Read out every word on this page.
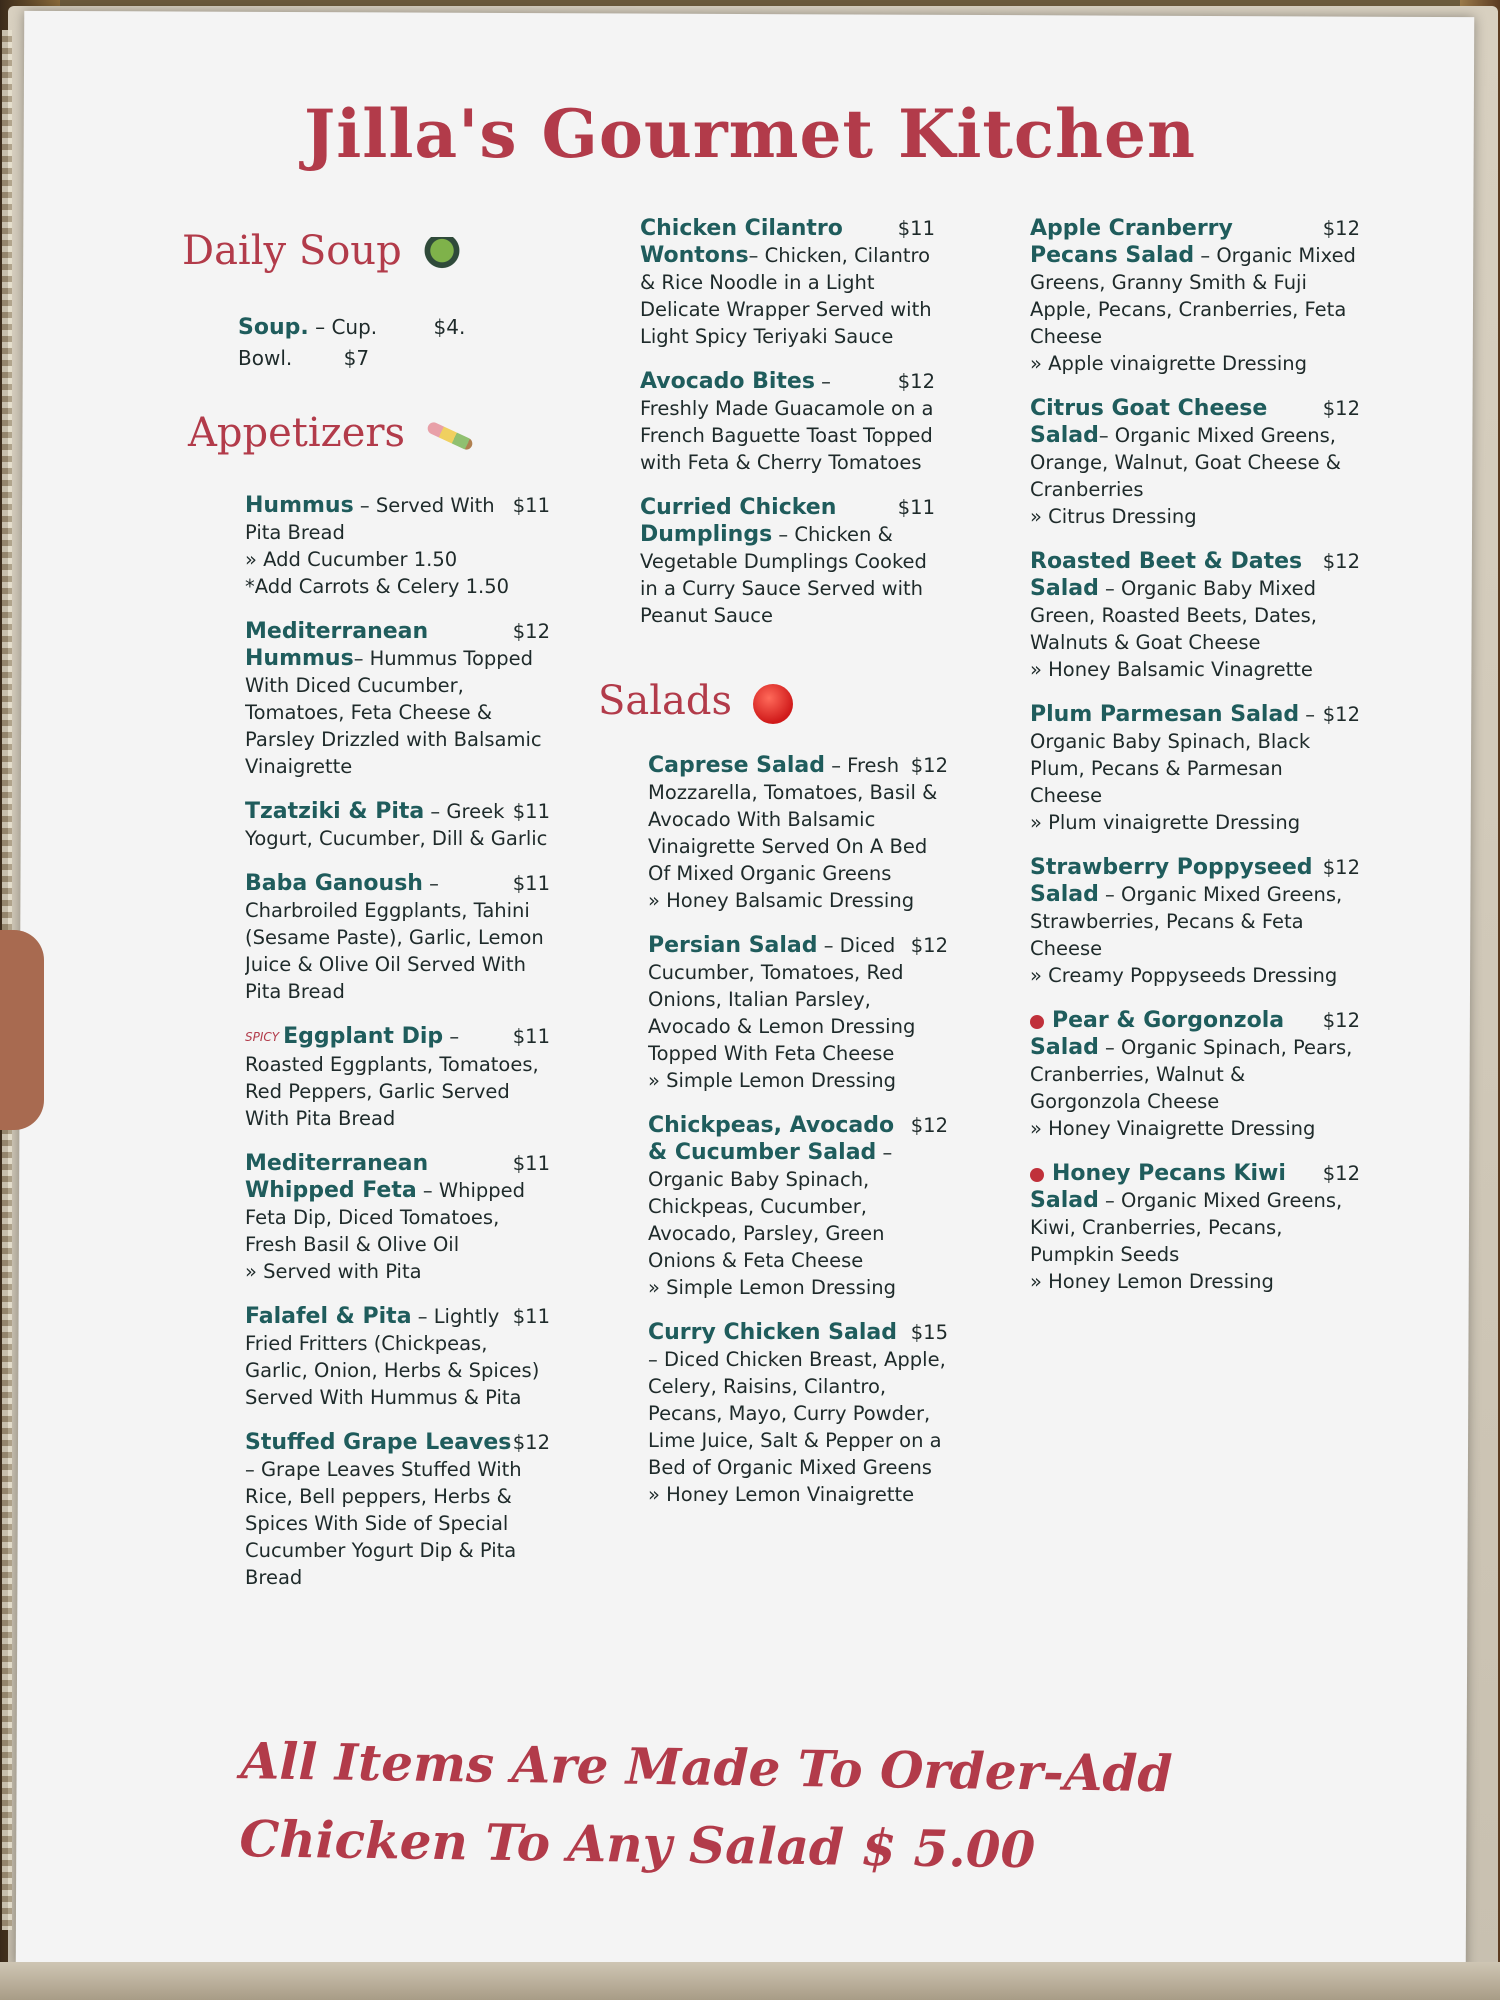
Jilla's Gourmet Kitchen
Daily Soup
Soup. – Cup.	$4.
Bowl.	$7
Appetizers
$11
Hummus – Served With Pita Bread
» Add Cucumber 1.50
*Add Carrots & Celery 1.50
$12
Mediterranean Hummus– Hummus Topped With Diced Cucumber, Tomatoes, Feta Cheese & Parsley Drizzled with Balsamic Vinaigrette
$11
Tzatziki & Pita – Greek Yogurt, Cucumber, Dill & Garlic
$11
Baba Ganoush – Charbroiled Eggplants, Tahini (Sesame Paste), Garlic, Lemon Juice & Olive Oil Served With Pita Bread
$11
SPICY Eggplant Dip – Roasted Eggplants, Tomatoes, Red Peppers, Garlic Served With Pita Bread
$11
Mediterranean Whipped Feta – Whipped Feta Dip, Diced Tomatoes, Fresh Basil & Olive Oil
» Served with Pita
$11
Falafel & Pita – Lightly Fried Fritters (Chickpeas, Garlic, Onion, Herbs & Spices) Served With Hummus & Pita
$12
Stuffed Grape Leaves – Grape Leaves Stuffed With Rice, Bell peppers, Herbs & Spices With Side of Special Cucumber Yogurt Dip & Pita Bread
$11
Chicken Cilantro Wontons– Chicken, Cilantro & Rice Noodle in a Light Delicate Wrapper Served with Light Spicy Teriyaki Sauce
$12
Avocado Bites – Freshly Made Guacamole on a French Baguette Toast Topped with Feta & Cherry Tomatoes
$11
Curried Chicken Dumplings – Chicken & Vegetable Dumplings Cooked in a Curry Sauce Served with Peanut Sauce
Salads
$12
Caprese Salad – Fresh Mozzarella, Tomatoes, Basil & Avocado With Balsamic Vinaigrette Served On A Bed Of Mixed Organic Greens
» Honey Balsamic Dressing
$12
Persian Salad – Diced Cucumber, Tomatoes, Red Onions, Italian Parsley, Avocado & Lemon Dressing Topped With Feta Cheese
» Simple Lemon Dressing
$12
Chickpeas, Avocado & Cucumber Salad – Organic Baby Spinach, Chickpeas, Cucumber, Avocado, Parsley, Green Onions & Feta Cheese
» Simple Lemon Dressing
$15
Curry Chicken Salad – Diced Chicken Breast, Apple, Celery, Raisins, Cilantro, Pecans, Mayo, Curry Powder, Lime Juice, Salt & Pepper on a Bed of Organic Mixed Greens
» Honey Lemon Vinaigrette
$12
Apple Cranberry Pecans Salad – Organic Mixed Greens, Granny Smith & Fuji Apple, Pecans, Cranberries, Feta Cheese
» Apple vinaigrette Dressing
$12
Citrus Goat Cheese Salad– Organic Mixed Greens, Orange, Walnut, Goat Cheese & Cranberries
» Citrus Dressing
$12
Roasted Beet & Dates Salad – Organic Baby Mixed Green, Roasted Beets, Dates, Walnuts & Goat Cheese
» Honey Balsamic Vinagrette
$12
Plum Parmesan Salad – Organic Baby Spinach, Black Plum, Pecans & Parmesan Cheese
» Plum vinaigrette Dressing
$12
Strawberry Poppyseed Salad – Organic Mixed Greens, Strawberries, Pecans & Feta Cheese
» Creamy Poppyseeds Dressing
$12
Pear & Gorgonzola Salad – Organic Spinach, Pears, Cranberries, Walnut & Gorgonzola Cheese
» Honey Vinaigrette Dressing
$12
Honey Pecans Kiwi Salad – Organic Mixed Greens, Kiwi, Cranberries, Pecans, Pumpkin Seeds
» Honey Lemon Dressing
All Items Are Made To Order-Add Chicken To Any Salad $ 5.00
